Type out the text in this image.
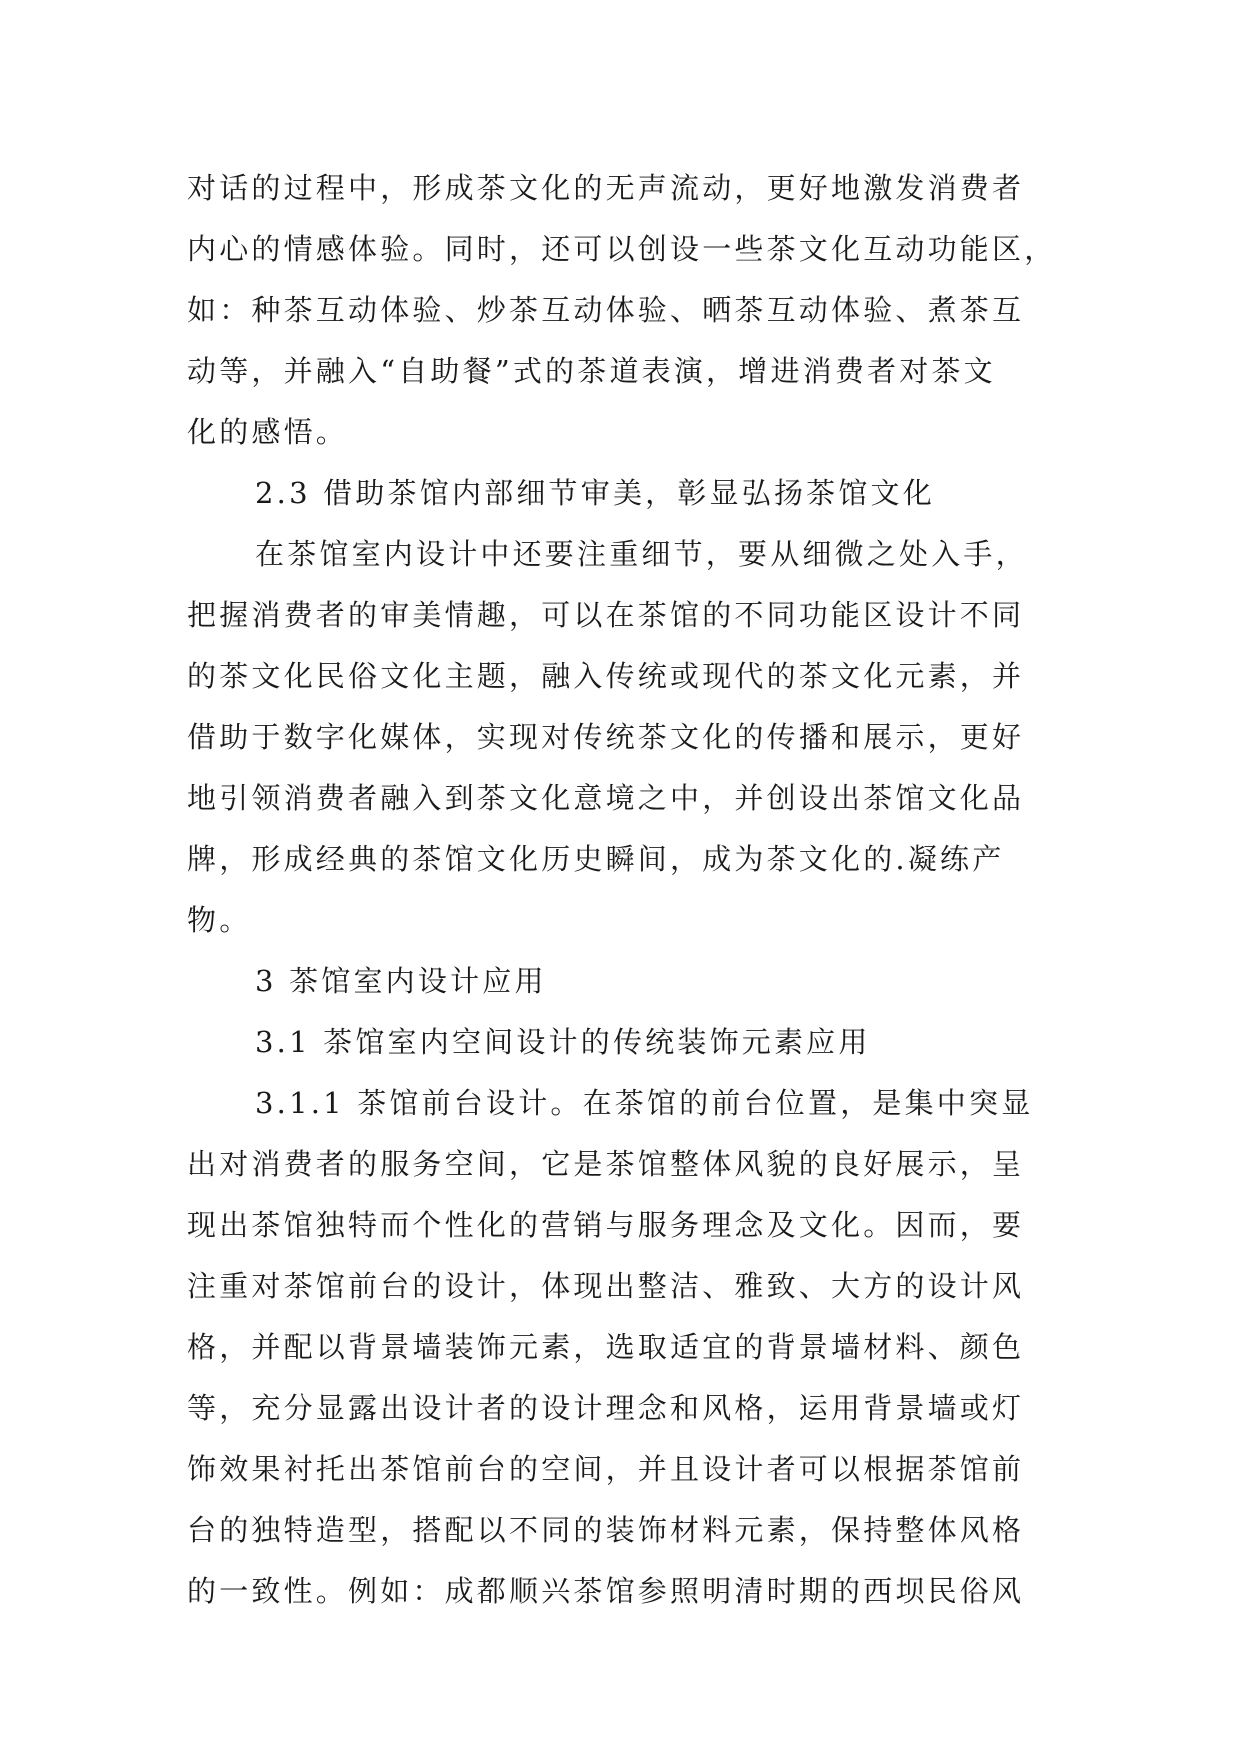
对话的过程中，形成茶文化的无声流动，更好地激发消费者
内心的情感体验。同时，还可以创设一些茶文化互动功能区，
如：种茶互动体验、炒茶互动体验、晒茶互动体验、煮茶互
动等，并融入“自助餐”式的茶道表演，增进消费者对茶文
化的感悟。
2.3 借助茶馆内部细节审美，彰显弘扬茶馆文化
在茶馆室内设计中还要注重细节，要从细微之处入手，
把握消费者的审美情趣，可以在茶馆的不同功能区设计不同
的茶文化民俗文化主题，融入传统或现代的茶文化元素，并
借助于数字化媒体，实现对传统茶文化的传播和展示，更好
地引领消费者融入到茶文化意境之中，并创设出茶馆文化品
牌，形成经典的茶馆文化历史瞬间，成为茶文化的.凝练产
物。
3 茶馆室内设计应用
3.1 茶馆室内空间设计的传统装饰元素应用
3.1.1 茶馆前台设计。在茶馆的前台位置，是集中突显
出对消费者的服务空间，它是茶馆整体风貌的良好展示，呈
现出茶馆独特而个性化的营销与服务理念及文化。因而，要
注重对茶馆前台的设计，体现出整洁、雅致、大方的设计风
格，并配以背景墙装饰元素，选取适宜的背景墙材料、颜色
等，充分显露出设计者的设计理念和风格，运用背景墙或灯
饰效果衬托出茶馆前台的空间，并且设计者可以根据茶馆前
台的独特造型，搭配以不同的装饰材料元素，保持整体风格
的一致性。例如：成都顺兴茶馆参照明清时期的西坝民俗风
